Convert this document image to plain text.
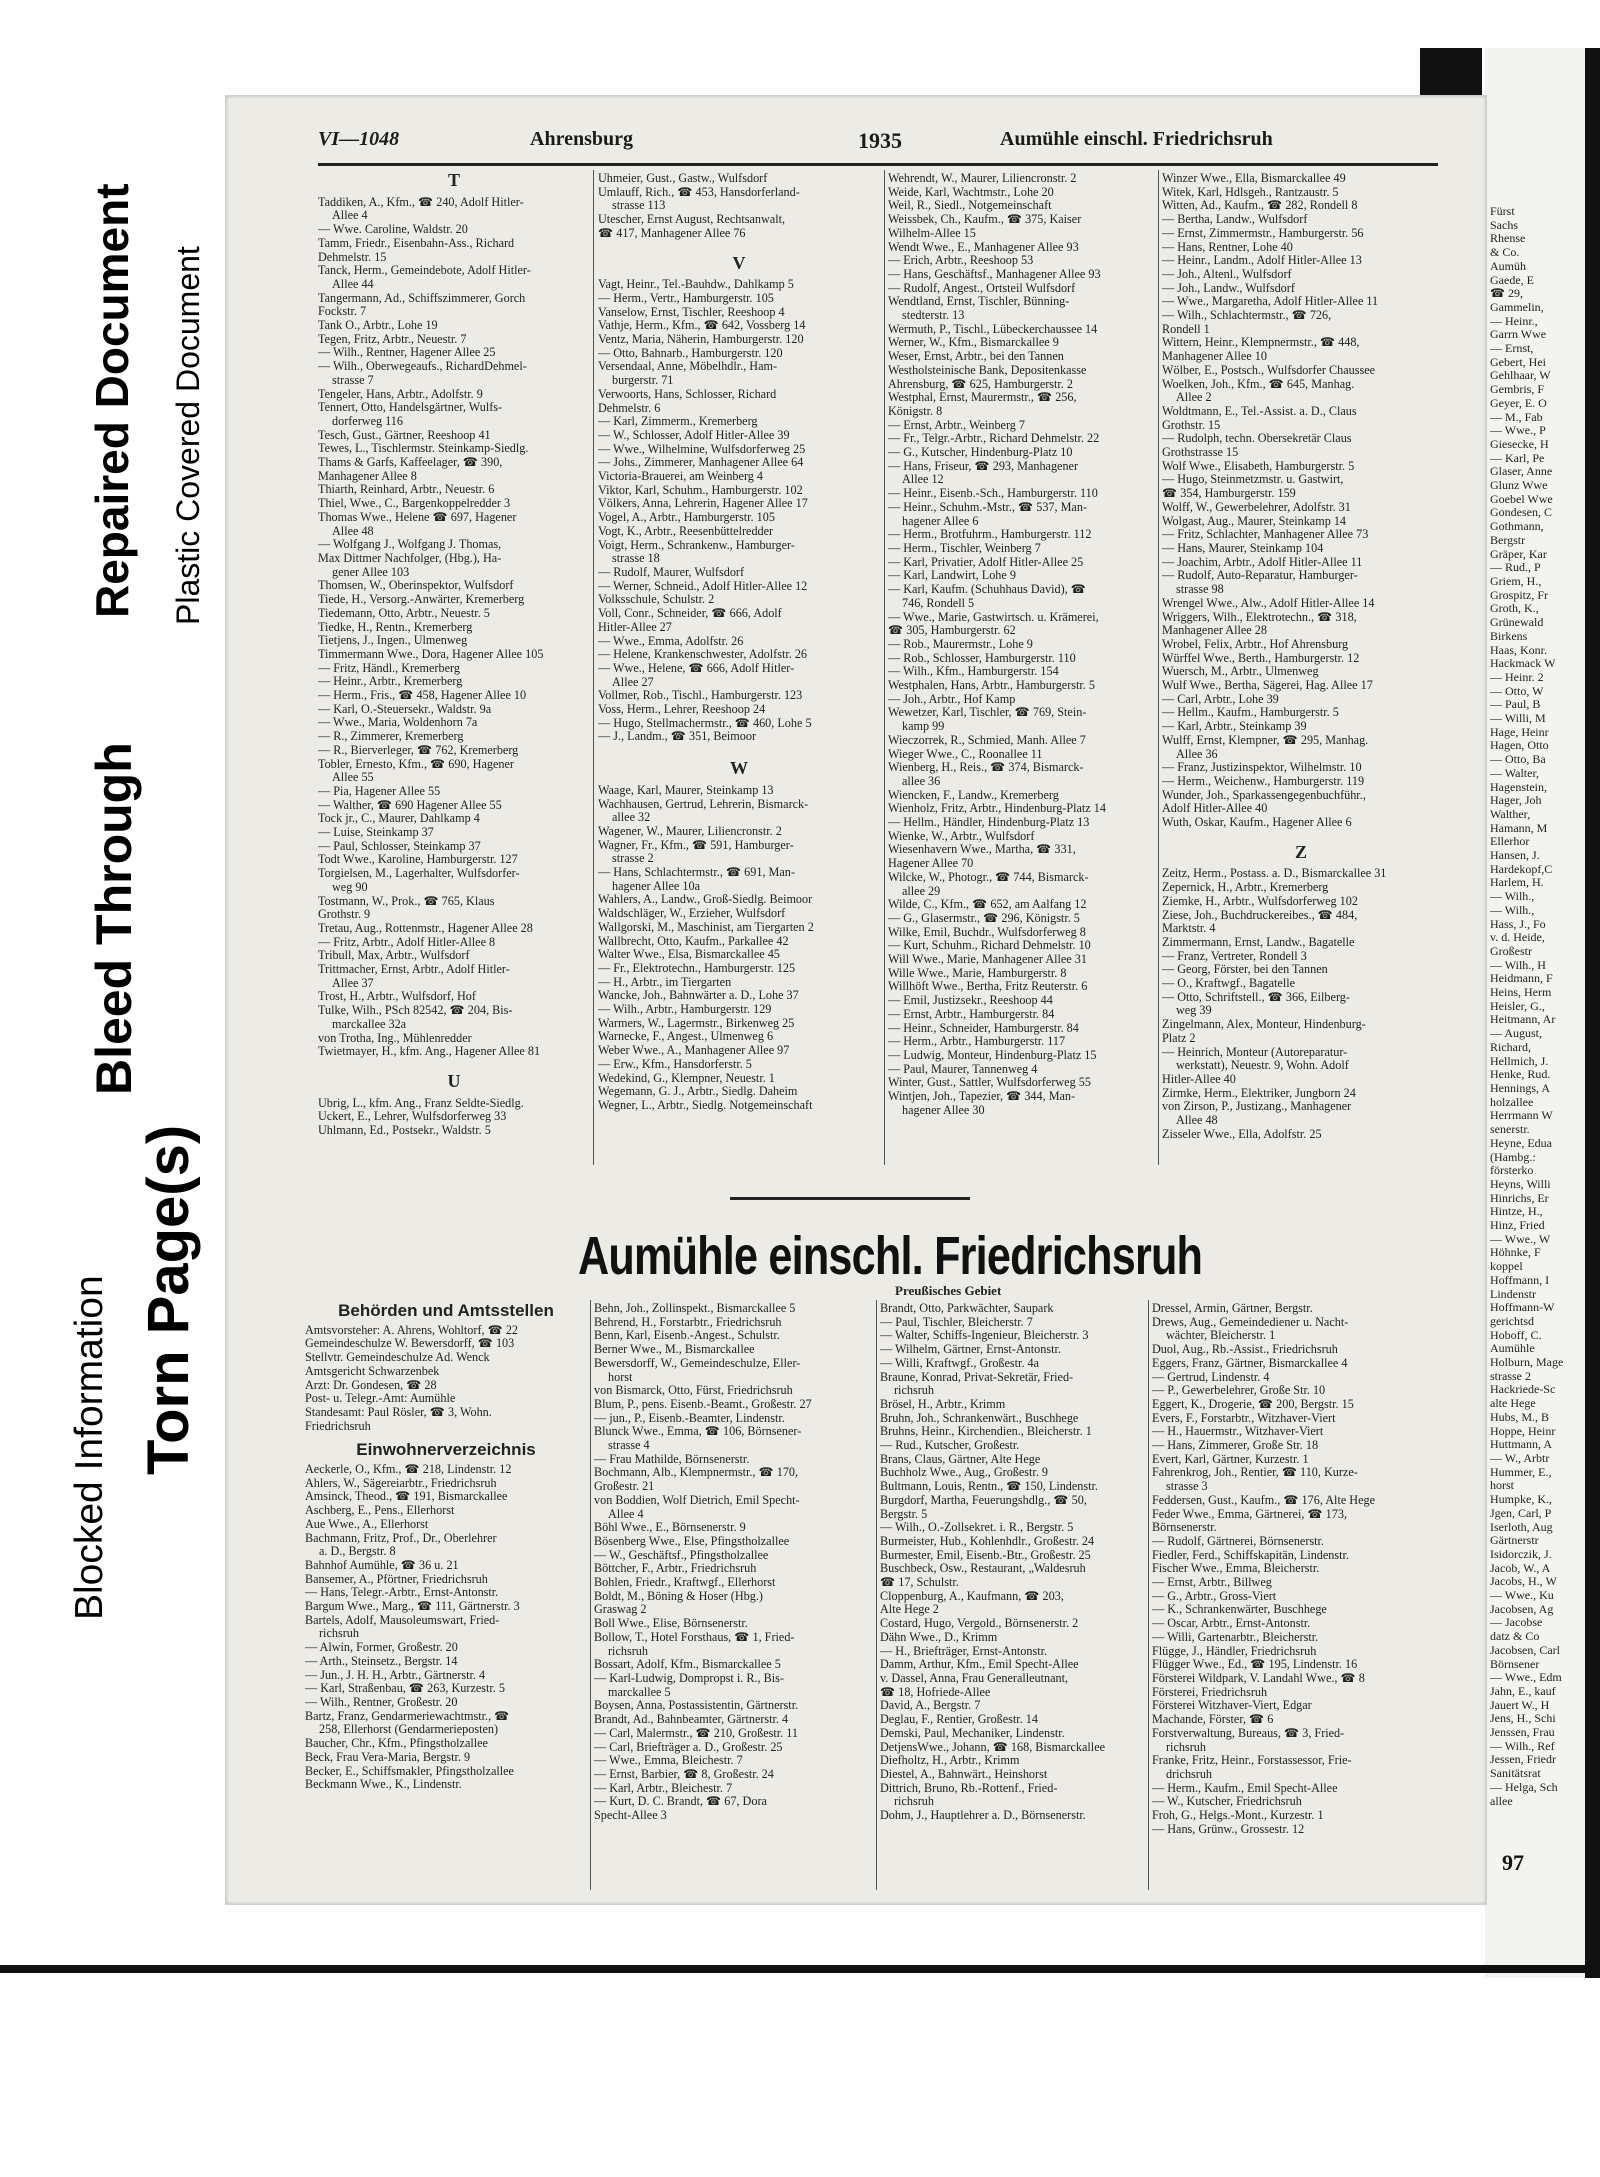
Blocked Information Torn Page(s)
Bleed Through
Repaired Document Plastic Covered Document
VI—1048	Ahrensburg	1935	Aumühle einschl. Friedrichsruh
T
Taddiken, A., Kfm., ☎ 240, Adolf Hitler-
Allee 4
— Wwe. Caroline, Waldstr. 20
Tamm, Friedr., Eisenbahn-Ass., Richard
Dehmelstr. 15
Tanck, Herm., Gemeindebote, Adolf Hitler-
Allee 44
Tangermann, Ad., Schiffszimmerer, Gorch
Fockstr. 7
Tank O., Arbtr., Lohe 19
Tegen, Fritz, Arbtr., Neuestr. 7
— Wilh., Rentner, Hagener Allee 25
— Wilh., Oberwegeaufs., RichardDehmel-
strasse 7
Tengeler, Hans, Arbtr., Adolfstr. 9
Tennert, Otto, Handelsgärtner, Wulfs-
dorferweg 116
Tesch, Gust., Gärtner, Reeshoop 41
Tewes, L., Tischlermstr. Steinkamp-Siedlg.
Thams & Garfs, Kaffeelager, ☎ 390,
Manhagener Allee 8
Thiarth, Reinhard, Arbtr., Neuestr. 6
Thiel, Wwe., C., Bargenkoppelredder 3
Thomas Wwe., Helene ☎ 697, Hagener
Allee 48
— Wolfgang J., Wolfgang J. Thomas,
Max Dittmer Nachfolger, (Hbg.), Ha-
gener Allee 103
Thomsen, W., Oberinspektor, Wulfsdorf
Tiede, H., Versorg.-Anwärter, Kremerberg
Tiedemann, Otto, Arbtr., Neuestr. 5
Tiedke, H., Rentn., Kremerberg
Tietjens, J., Ingen., Ulmenweg
Timmermann Wwe., Dora, Hagener Allee 105
— Fritz, Händl., Kremerberg
— Heinr., Arbtr., Kremerberg
— Herm., Fris., ☎ 458, Hagener Allee 10
— Karl, O.-Steuersekr., Waldstr. 9a
— Wwe., Maria, Woldenhorn 7a
— R., Zimmerer, Kremerberg
— R., Bierverleger, ☎ 762, Kremerberg
Tobler, Ernesto, Kfm., ☎ 690, Hagener
Allee 55
— Pia, Hagener Allee 55
— Walther, ☎ 690 Hagener Allee 55
Tock jr., C., Maurer, Dahlkamp 4
— Luise, Steinkamp 37
— Paul, Schlosser, Steinkamp 37
Todt Wwe., Karoline, Hamburgerstr. 127
Torgielsen, M., Lagerhalter, Wulfsdorfer-
weg 90
Tostmann, W., Prok., ☎ 765, Klaus
Grothstr. 9
Tretau, Aug., Rottenmstr., Hagener Allee 28
— Fritz, Arbtr., Adolf Hitler-Allee 8
Tribull, Max, Arbtr., Wulfsdorf
Trittmacher, Ernst, Arbtr., Adolf Hitler-
Allee 37
Trost, H., Arbtr., Wulfsdorf, Hof
Tulke, Wilh., PSch 82542, ☎ 204, Bis-
marckallee 32a
von Trotha, Ing., Mühlenredder
Twietmayer, H., kfm. Ang., Hagener Allee 81
U
Ubrig, L., kfm. Ang., Franz Seldte-Siedlg.
Uckert, E., Lehrer, Wulfsdorferweg 33
Uhlmann, Ed., Postsekr., Waldstr. 5
Uhmeier, Gust., Gastw., Wulfsdorf
Umlauff, Rich., ☎ 453, Hansdorferland-
strasse 113
Utescher, Ernst August, Rechtsanwalt,
☎ 417, Manhagener Allee 76
V
Vagt, Heinr., Tel.-Bauhdw., Dahlkamp 5
— Herm., Vertr., Hamburgerstr. 105
Vanselow, Ernst, Tischler, Reeshoop 4
Vathje, Herm., Kfm., ☎ 642, Vossberg 14
Ventz, Maria, Näherin, Hamburgerstr. 120
— Otto, Bahnarb., Hamburgerstr. 120
Versendaal, Anne, Möbelhdlr., Ham-
burgerstr. 71
Verwoorts, Hans, Schlosser, Richard
Dehmelstr. 6
— Karl, Zimmerm., Kremerberg
— W., Schlosser, Adolf Hitler-Allee 39
— Wwe., Wilhelmine, Wulfsdorferweg 25
— Johs., Zimmerer, Manhagener Allee 64
Victoria-Brauerei, am Weinberg 4
Viktor, Karl, Schuhm., Hamburgerstr. 102
Völkers, Anna, Lehrerin, Hagener Allee 17
Vogel, A., Arbtr., Hamburgerstr. 105
Vogt, K., Arbtr., Reesenbüttelredder
Voigt, Herm., Schrankenw., Hamburger-
strasse 18
— Rudolf, Maurer, Wulfsdorf
— Werner, Schneid., Adolf Hitler-Allee 12
Volksschule, Schulstr. 2
Voll, Conr., Schneider, ☎ 666, Adolf
Hitler-Allee 27
— Wwe., Emma, Adolfstr. 26
— Helene, Krankenschwester, Adolfstr. 26
— Wwe., Helene, ☎ 666, Adolf Hitler-
Allee 27
Vollmer, Rob., Tischl., Hamburgerstr. 123
Voss, Herm., Lehrer, Reeshoop 24
— Hugo, Stellmachermstr., ☎ 460, Lohe 5
— J., Landm., ☎ 351, Beimoor
W
Waage, Karl, Maurer, Steinkamp 13
Wachhausen, Gertrud, Lehrerin, Bismarck-
allee 32
Wagener, W., Maurer, Liliencronstr. 2
Wagner, Fr., Kfm., ☎ 591, Hamburger-
strasse 2
— Hans, Schlachtermstr., ☎ 691, Man-
hagener Allee 10a
Wahlers, A., Landw., Groß-Siedlg. Beimoor
Waldschläger, W., Erzieher, Wulfsdorf
Wallgorski, M., Maschinist, am Tiergarten 2
Wallbrecht, Otto, Kaufm., Parkallee 42
Walter Wwe., Elsa, Bismarckallee 45
— Fr., Elektrotechn., Hamburgerstr. 125
— H., Arbtr., im Tiergarten
Wancke, Joh., Bahnwärter a. D., Lohe 37
— Wilh., Arbtr., Hamburgerstr. 129
Warmers, W., Lagermstr., Birkenweg 25
Warnecke, F., Angest., Ulmenweg 6
Weber Wwe., A., Manhagener Allee 97
— Erw., Kfm., Hansdorferstr. 5
Wedekind, G., Klempner, Neuestr. 1
Wegemann, G. J., Arbtr., Siedlg. Daheim
Wegner, L., Arbtr., Siedlg. Notgemeinschaft
Wehrendt, W., Maurer, Liliencronstr. 2
Weide, Karl, Wachtmstr., Lohe 20
Weil, R., Siedl., Notgemeinschaft
Weissbek, Ch., Kaufm., ☎ 375, Kaiser
Wilhelm-Allee 15
Wendt Wwe., E., Manhagener Allee 93
— Erich, Arbtr., Reeshoop 53
— Hans, Geschäftsf., Manhagener Allee 93
— Rudolf, Angest., Ortsteil Wulfsdorf
Wendtland, Ernst, Tischler, Bünning-
stedterstr. 13
Wermuth, P., Tischl., Lübeckerchaussee 14
Werner, W., Kfm., Bismarckallee 9
Weser, Ernst, Arbtr., bei den Tannen
Westholsteinische Bank, Depositenkasse
Ahrensburg, ☎ 625, Hamburgerstr. 2
Westphal, Ernst, Maurermstr., ☎ 256,
Königstr. 8
— Ernst, Arbtr., Weinberg 7
— Fr., Telgr.-Arbtr., Richard Dehmelstr. 22
— G., Kutscher, Hindenburg-Platz 10
— Hans, Friseur, ☎ 293, Manhagener
Allee 12
— Heinr., Eisenb.-Sch., Hamburgerstr. 110
— Heinr., Schuhm.-Mstr., ☎ 537, Man-
hagener Allee 6
— Herm., Brotfuhrm., Hamburgerstr. 112
— Herm., Tischler, Weinberg 7
— Karl, Privatier, Adolf Hitler-Allee 25
— Karl, Landwirt, Lohe 9
— Karl, Kaufm. (Schuhhaus David), ☎
746, Rondell 5
— Wwe., Marie, Gastwirtsch. u. Krämerei,
☎ 305, Hamburgerstr. 62
— Rob., Maurermstr., Lohe 9
— Rob., Schlosser, Hamburgerstr. 110
— Wilh., Kfm., Hamburgerstr. 154
Westphalen, Hans, Arbtr., Hamburgerstr. 5
— Joh., Arbtr., Hof Kamp
Wewetzer, Karl, Tischler, ☎ 769, Stein-
kamp 99
Wieczorrek, R., Schmied, Manh. Allee 7
Wieger Wwe., C., Roonallee 11
Wienberg, H., Reis., ☎ 374, Bismarck-
allee 36
Wiencken, F., Landw., Kremerberg
Wienholz, Fritz, Arbtr., Hindenburg-Platz 14
— Hellm., Händler, Hindenburg-Platz 13
Wienke, W., Arbtr., Wulfsdorf
Wiesenhavern Wwe., Martha, ☎ 331,
Hagener Allee 70
Wilcke, W., Photogr., ☎ 744, Bismarck-
allee 29
Wilde, C., Kfm., ☎ 652, am Aalfang 12
— G., Glasermstr., ☎ 296, Königstr. 5
Wilke, Emil, Buchdr., Wulfsdorferweg 8
— Kurt, Schuhm., Richard Dehmelstr. 10
Will Wwe., Marie, Manhagener Allee 31
Wille Wwe., Marie, Hamburgerstr. 8
Willhöft Wwe., Bertha, Fritz Reuterstr. 6
— Emil, Justizsekr., Reeshoop 44
— Ernst, Arbtr., Hamburgerstr. 84
— Heinr., Schneider, Hamburgerstr. 84
— Herm., Arbtr., Hamburgerstr. 117
— Ludwig, Monteur, Hindenburg-Platz 15
— Paul, Maurer, Tannenweg 4
Winter, Gust., Sattler, Wulfsdorferweg 55
Wintjen, Joh., Tapezier, ☎ 344, Man-
hagener Allee 30
Winzer Wwe., Ella, Bismarckallee 49
Witek, Karl, Hdlsgeh., Rantzaustr. 5
Witten, Ad., Kaufm., ☎ 282, Rondell 8
— Bertha, Landw., Wulfsdorf
— Ernst, Zimmermstr., Hamburgerstr. 56
— Hans, Rentner, Lohe 40
— Heinr., Landm., Adolf Hitler-Allee 13
— Joh., Altenl., Wulfsdorf
— Joh., Landw., Wulfsdorf
— Wwe., Margaretha, Adolf Hitler-Allee 11
— Wilh., Schlachtermstr., ☎ 726,
Rondell 1
Wittern, Heinr., Klempnermstr., ☎ 448,
Manhagener Allee 10
Wölber, E., Postsch., Wulfsdorfer Chaussee
Woelken, Joh., Kfm., ☎ 645, Manhag.
Allee 2
Woldtmann, E., Tel.-Assist. a. D., Claus
Grothstr. 15
— Rudolph, techn. Obersekretär Claus
Grothstrasse 15
Wolf Wwe., Elisabeth, Hamburgerstr. 5
— Hugo, Steinmetzmstr. u. Gastwirt,
☎ 354, Hamburgerstr. 159
Wolff, W., Gewerbelehrer, Adolfstr. 31
Wolgast, Aug., Maurer, Steinkamp 14
— Fritz, Schlachter, Manhagener Allee 73
— Hans, Maurer, Steinkamp 104
— Joachim, Arbtr., Adolf Hitler-Allee 11
— Rudolf, Auto-Reparatur, Hamburger-
strasse 98
Wrengel Wwe., Alw., Adolf Hitler-Allee 14
Wriggers, Wilh., Elektrotechn., ☎ 318,
Manhagener Allee 28
Wrobel, Felix, Arbtr., Hof Ahrensburg
Würffel Wwe., Berth., Hamburgerstr. 12
Wuersch, M., Arbtr., Ulmenweg
Wulf Wwe., Bertha, Sägerei, Hag. Allee 17
— Carl, Arbtr., Lohe 39
— Hellm., Kaufm., Hamburgerstr. 5
— Karl, Arbtr., Steinkamp 39
Wulff, Ernst, Klempner, ☎ 295, Manhag.
Allee 36
— Franz, Justizinspektor, Wilhelmstr. 10
— Herm., Weichenw., Hamburgerstr. 119
Wunder, Joh., Sparkassengegenbuchführ.,
Adolf Hitler-Allee 40
Wuth, Oskar, Kaufm., Hagener Allee 6
Z
Zeitz, Herm., Postass. a. D., Bismarckallee 31
Zepernick, H., Arbtr., Kremerberg
Ziemke, H., Arbtr., Wulfsdorferweg 102
Ziese, Joh., Buchdruckereibes., ☎ 484,
Marktstr. 4
Zimmermann, Ernst, Landw., Bagatelle
— Franz, Vertreter, Rondell 3
— Georg, Förster, bei den Tannen
— O., Kraftwgf., Bagatelle
— Otto, Schriftstell., ☎ 366, Eilberg-
weg 39
Zingelmann, Alex, Monteur, Hindenburg-
Platz 2
— Heinrich, Monteur (Autoreparatur-
werkstatt), Neuestr. 9, Wohn. Adolf
Hitler-Allee 40
Zirmke, Herm., Elektriker, Jungborn 24
von Zirson, P., Justizang., Manhagener
Allee 48
Zisseler Wwe., Ella, Adolfstr. 25
Aumühle einschl. Friedrichsruh
Preußisches Gebiet
Behörden und Amtsstellen
Amtsvorsteher: A. Ahrens, Wohltorf, ☎ 22
Gemeindeschulze W. Bewersdorff, ☎ 103
Stellvtr. Gemeindeschulze Ad. Wenck
Amtsgericht Schwarzenbek
Arzt: Dr. Gondesen, ☎ 28
Post- u. Telegr.-Amt: Aumühle
Standesamt: Paul Rösler, ☎ 3, Wohn.
Friedrichsruh
Einwohnerverzeichnis
Aeckerle, O., Kfm., ☎ 218, Lindenstr. 12
Ahlers, W., Sägereiarbtr., Friedrichsruh
Amsinck, Theod., ☎ 191, Bismarckallee
Aschberg, E., Pens., Ellerhorst
Aue Wwe., A., Ellerhorst
Bachmann, Fritz, Prof., Dr., Oberlehrer
a. D., Bergstr. 8
Bahnhof Aumühle, ☎ 36 u. 21
Bansemer, A., Pförtner, Friedrichsruh
— Hans, Telegr.-Arbtr., Ernst-Antonstr.
Bargum Wwe., Marg., ☎ 111, Gärtnerstr. 3
Bartels, Adolf, Mausoleumswart, Fried-
richsruh
— Alwin, Former, Großestr. 20
— Arth., Steinsetz., Bergstr. 14
— Jun., J. H. H., Arbtr., Gärtnerstr. 4
— Karl, Straßenbau, ☎ 263, Kurzestr. 5
— Wilh., Rentner, Großestr. 20
Bartz, Franz, Gendarmeriewachtmstr., ☎
258, Ellerhorst (Gendarmerieposten)
Baucher, Chr., Kfm., Pfingstholzallee
Beck, Frau Vera-Maria, Bergstr. 9
Becker, E., Schiffsmakler, Pfingstholzallee
Beckmann Wwe., K., Lindenstr.
Behn, Joh., Zollinspekt., Bismarckallee 5
Behrend, H., Forstarbtr., Friedrichsruh
Benn, Karl, Eisenb.-Angest., Schulstr.
Berner Wwe., M., Bismarckallee
Bewersdorff, W., Gemeindeschulze, Eller-
horst
von Bismarck, Otto, Fürst, Friedrichsruh
Blum, P., pens. Eisenb.-Beamt., Großestr. 27
— jun., P., Eisenb.-Beamter, Lindenstr.
Blunck Wwe., Emma, ☎ 106, Börnsener-
strasse 4
— Frau Mathilde, Börnsenerstr.
Bochmann, Alb., Klempnermstr., ☎ 170,
Großestr. 21
von Boddien, Wolf Dietrich, Emil Specht-
Allee 4
Böhl Wwe., E., Börnsenerstr. 9
Bösenberg Wwe., Else, Pfingstholzallee
— W., Geschäftsf., Pfingstholzallee
Böttcher, F., Arbtr., Friedrichsruh
Bohlen, Friedr., Kraftwgf., Ellerhorst
Boldt, M., Böning & Hoser (Hbg.)
Graswag 2
Boll Wwe., Elise, Börnsenerstr.
Bollow, T., Hotel Forsthaus, ☎ 1, Fried-
richsruh
Bossart, Adolf, Kfm., Bismarckallee 5
— Karl-Ludwig, Dompropst i. R., Bis-
marckallee 5
Boysen, Anna, Postassistentin, Gärtnerstr.
Brandt, Ad., Bahnbeamter, Gärtnerstr. 4
— Carl, Malermstr., ☎ 210, Großestr. 11
— Carl, Briefträger a. D., Großestr. 25
— Wwe., Emma, Bleichestr. 7
— Ernst, Barbier, ☎ 8, Großestr. 24
— Karl, Arbtr., Bleichestr. 7
— Kurt, D. C. Brandt, ☎ 67, Dora
Specht-Allee 3
Brandt, Otto, Parkwächter, Saupark
— Paul, Tischler, Bleicherstr. 7
— Walter, Schiffs-Ingenieur, Bleicherstr. 3
— Wilhelm, Gärtner, Ernst-Antonstr.
— Willi, Kraftwgf., Großestr. 4a
Braune, Konrad, Privat-Sekretär, Fried-
richsruh
Brösel, H., Arbtr., Krimm
Bruhn, Joh., Schrankenwärt., Buschhege
Bruhns, Heinr., Kirchendien., Bleicherstr. 1
— Rud., Kutscher, Großestr.
Brans, Claus, Gärtner, Alte Hege
Buchholz Wwe., Aug., Großestr. 9
Bultmann, Louis, Rentn., ☎ 150, Lindenstr.
Burgdorf, Martha, Feuerungshdlg., ☎ 50,
Bergstr. 5
— Wilh., O.-Zollsekret. i. R., Bergstr. 5
Burmeister, Hub., Kohlenhdlr., Großestr. 24
Burmester, Emil, Eisenb.-Btr., Großestr. 25
Buschbeck, Osw., Restaurant, „Waldesruh
☎ 17, Schulstr.
Cloppenburg, A., Kaufmann, ☎ 203,
Alte Hege 2
Costard, Hugo, Vergold., Börnsenerstr. 2
Dähn Wwe., D., Krimm
— H., Briefträger, Ernst-Antonstr.
Damm, Arthur, Kfm., Emil Specht-Allee
v. Dassel, Anna, Frau Generalleutnant,
☎ 18, Hofriede-Allee
David, A., Bergstr. 7
Deglau, F., Rentier, Großestr. 14
Demski, Paul, Mechaniker, Lindenstr.
DetjensWwe., Johann, ☎ 168, Bismarckallee
Diefholtz, H., Arbtr., Krimm
Diestel, A., Bahnwärt., Heinshorst
Dittrich, Bruno, Rb.-Rottenf., Fried-
richsruh
Dohm, J., Hauptlehrer a. D., Börnsenerstr.
Dressel, Armin, Gärtner, Bergstr.
Drews, Aug., Gemeindediener u. Nacht-
wächter, Bleicherstr. 1
Duol, Aug., Rb.-Assist., Friedrichsruh
Eggers, Franz, Gärtner, Bismarckallee 4
— Gertrud, Lindenstr. 4
— P., Gewerbelehrer, Große Str. 10
Eggert, K., Drogerie, ☎ 200, Bergstr. 15
Evers, F., Forstarbtr., Witzhaver-Viert
— H., Hauermstr., Witzhaver-Viert
— Hans, Zimmerer, Große Str. 18
Evert, Karl, Gärtner, Kurzestr. 1
Fahrenkrog, Joh., Rentier, ☎ 110, Kurze-
strasse 3
Feddersen, Gust., Kaufm., ☎ 176, Alte Hege
Feder Wwe., Emma, Gärtnerei, ☎ 173,
Börnsenerstr.
— Rudolf, Gärtnerei, Börnsenerstr.
Fiedler, Ferd., Schiffskapitän, Lindenstr.
Fischer Wwe., Emma, Bleicherstr.
— Ernst, Arbtr., Billweg
— G., Arbtr., Gross-Viert
— K., Schrankenwärter, Buschhege
— Oscar, Arbtr., Ernst-Antonstr.
— Willi, Gartenarbtr., Bleicherstr.
Flügge, J., Händler, Friedrichsruh
Flügger Wwe., Ed., ☎ 195, Lindenstr. 16
Försterei Wildpark, V. Landahl Wwe., ☎ 8
Försterei, Friedrichsruh
Försterei Witzhaver-Viert, Edgar
Machande, Förster, ☎ 6
Forstverwaltung, Bureaus, ☎ 3, Fried-
richsruh
Franke, Fritz, Heinr., Forstassessor, Frie-
drichsruh
— Herm., Kaufm., Emil Specht-Allee
— W., Kutscher, Friedrichsruh
Froh, G., Helgs.-Mont., Kurzestr. 1
— Hans, Grünw., Grossestr. 12
Fürst
Sachs
Rhense
& Co.
Aumüh
Gaede, E
☎ 29,
Gammelin,
— Heinr.,
Garrn Wwe
— Ernst,
Gebert, Hei
Gehlhaar, W
Gembris, F
Geyer, E. O
— M., Fab
— Wwe., P
Giesecke, H
— Karl, Pe
Glaser, Anne
Glunz Wwe
Goebel Wwe
Gondesen, C
Gothmann,
Bergstr
Gräper, Kar
— Rud., P
Griem, H.,
Grospitz, Fr
Groth, K.,
Grünewald
Birkens
Haas, Konr.
Hackmack W
— Heinr. 2
— Otto, W
— Paul, B
— Willi, M
Hage, Heinr
Hagen, Otto
— Otto, Ba
— Walter,
Hagenstein,
Hager, Joh
Walther,
Hamann, M
Ellerhor
Hansen, J.
Hardekopf,C
Harlem, H.
— Wilh.,
— Wilh.,
Hass, J., Fo
v. d. Heide,
Großestr
— Wilh., H
Heidmann, F
Heins, Herm
Heisler, G.,
Heitmann, Ar
— August,
Richard,
Hellmich, J.
Henke, Rud.
Hennings, A
holzallee
Herrmann W
senerstr.
Heyne, Edua
(Hambg.:
försterko
Heyns, Willi
Hinrichs, Er
Hintze, H.,
Hinz, Fried
— Wwe., W
Höhnke, F
koppel
Hoffmann, I
Lindenstr
Hoffmann-W
gerichtsd
Hoboff, C.
Aumühle
Holburn, Mage
strasse 2
Hackriede-Sc
alte Hege
Hubs, M., B
Hoppe, Heinr
Huttmann, A
— W., Arbtr
Hummer, E.,
horst
Humpke, K.,
Jgen, Carl, P
Iserloth, Aug
Gärtnerstr
Isidorczik, J.
Jacob, W., A
Jacobs, H., W
— Wwe., Ku
Jacobsen, Ag
— Jacobse
datz & Co
Jacobsen, Carl
Börnsener
— Wwe., Edm
Jahn, E., kauf
Jauert W., H
Jens, H., Schi
Jenssen, Frau
— Wilh., Ref
Jessen, Friedr
Sanitätsrat
— Helga, Sch
allee
97
